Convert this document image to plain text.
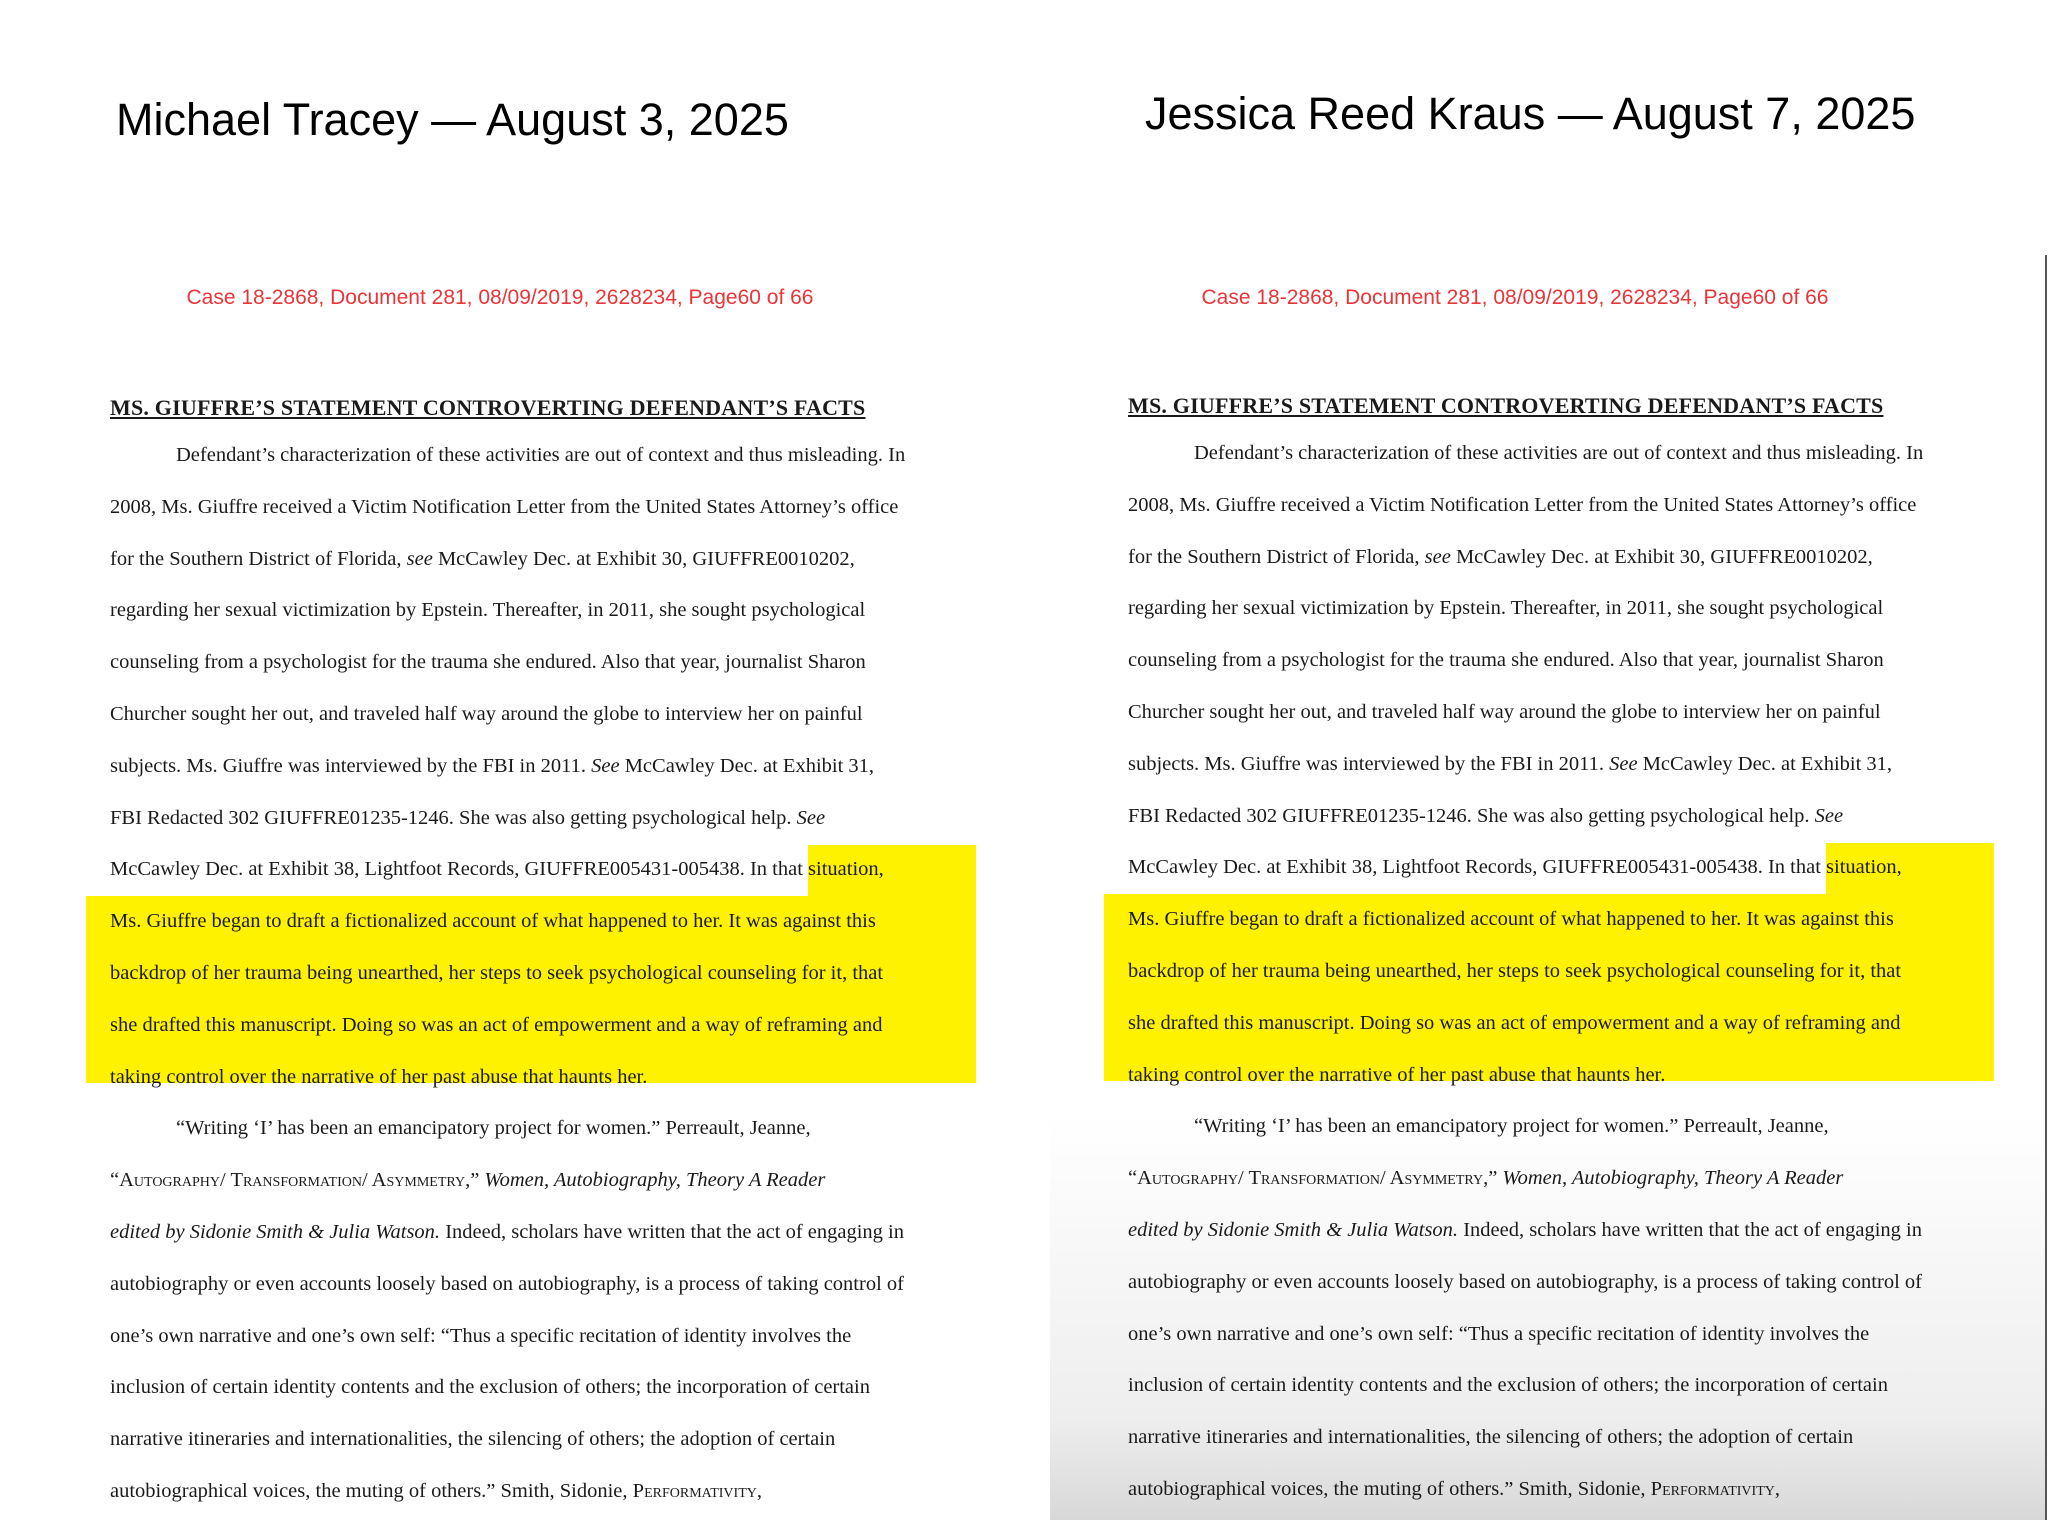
Michael Tracey — August 3, 2025
Case 18-2868, Document 281, 08/09/2019, 2628234, Page60 of 66
MS. GIUFFRE’S STATEMENT CONTROVERTING DEFENDANT’S FACTS
Defendant’s characterization of these activities are out of context and thus misleading. In
2008, Ms. Giuffre received a Victim Notification Letter from the United States Attorney’s office
for the Southern District of Florida, see McCawley Dec. at Exhibit 30, GIUFFRE0010202,
regarding her sexual victimization by Epstein. Thereafter, in 2011, she sought psychological
counseling from a psychologist for the trauma she endured. Also that year, journalist Sharon
Churcher sought her out, and traveled half way around the globe to interview her on painful
subjects. Ms. Giuffre was interviewed by the FBI in 2011. See McCawley Dec. at Exhibit 31,
FBI Redacted 302 GIUFFRE01235-1246. She was also getting psychological help. See
McCawley Dec. at Exhibit 38, Lightfoot Records, GIUFFRE005431-005438. In that situation,
Ms. Giuffre began to draft a fictionalized account of what happened to her. It was against this
backdrop of her trauma being unearthed, her steps to seek psychological counseling for it, that
she drafted this manuscript. Doing so was an act of empowerment and a way of reframing and
taking control over the narrative of her past abuse that haunts her.
“Writing ‘I’ has been an emancipatory project for women.” Perreault, Jeanne,
“Autography/ Transformation/ Asymmetry,” Women, Autobiography, Theory A Reader
edited by Sidonie Smith & Julia Watson. Indeed, scholars have written that the act of engaging in
autobiography or even accounts loosely based on autobiography, is a process of taking control of
one’s own narrative and one’s own self: “Thus a specific recitation of identity involves the
inclusion of certain identity contents and the exclusion of others; the incorporation of certain
narrative itineraries and internationalities, the silencing of others; the adoption of certain
autobiographical voices, the muting of others.” Smith, Sidonie, Performativity,
Jessica Reed Kraus — August 7, 2025
Case 18-2868, Document 281, 08/09/2019, 2628234, Page60 of 66
MS. GIUFFRE’S STATEMENT CONTROVERTING DEFENDANT’S FACTS
Defendant’s characterization of these activities are out of context and thus misleading. In
2008, Ms. Giuffre received a Victim Notification Letter from the United States Attorney’s office
for the Southern District of Florida, see McCawley Dec. at Exhibit 30, GIUFFRE0010202,
regarding her sexual victimization by Epstein. Thereafter, in 2011, she sought psychological
counseling from a psychologist for the trauma she endured. Also that year, journalist Sharon
Churcher sought her out, and traveled half way around the globe to interview her on painful
subjects. Ms. Giuffre was interviewed by the FBI in 2011. See McCawley Dec. at Exhibit 31,
FBI Redacted 302 GIUFFRE01235-1246. She was also getting psychological help. See
McCawley Dec. at Exhibit 38, Lightfoot Records, GIUFFRE005431-005438. In that situation,
Ms. Giuffre began to draft a fictionalized account of what happened to her. It was against this
backdrop of her trauma being unearthed, her steps to seek psychological counseling for it, that
she drafted this manuscript. Doing so was an act of empowerment and a way of reframing and
taking control over the narrative of her past abuse that haunts her.
“Writing ‘I’ has been an emancipatory project for women.” Perreault, Jeanne,
“Autography/ Transformation/ Asymmetry,” Women, Autobiography, Theory A Reader
edited by Sidonie Smith & Julia Watson. Indeed, scholars have written that the act of engaging in
autobiography or even accounts loosely based on autobiography, is a process of taking control of
one’s own narrative and one’s own self: “Thus a specific recitation of identity involves the
inclusion of certain identity contents and the exclusion of others; the incorporation of certain
narrative itineraries and internationalities, the silencing of others; the adoption of certain
autobiographical voices, the muting of others.” Smith, Sidonie, Performativity,
